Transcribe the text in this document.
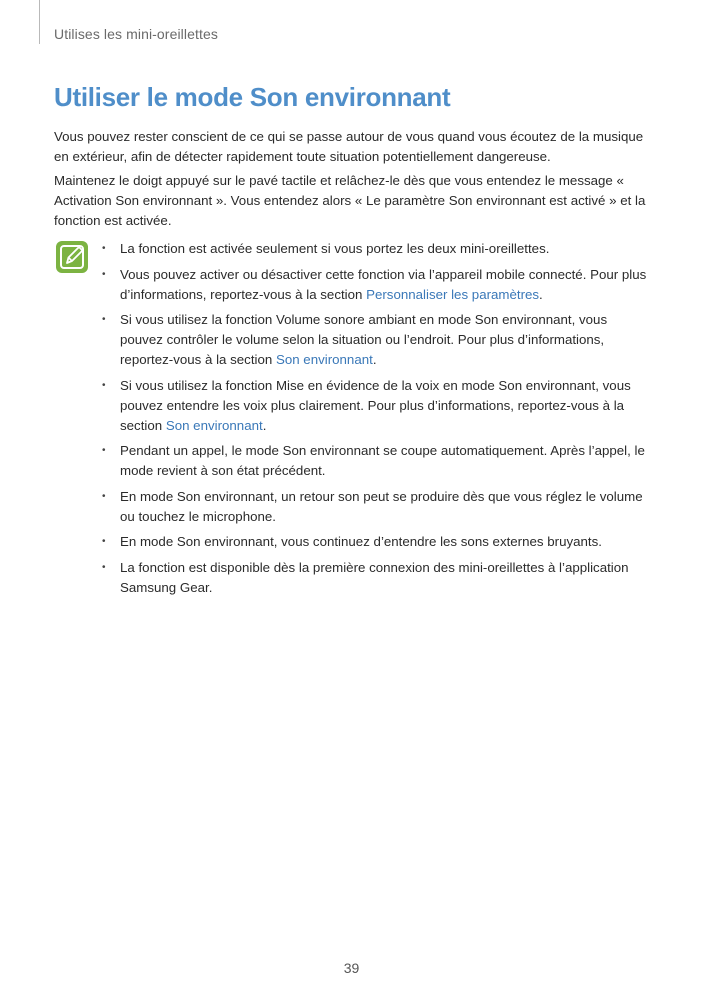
Utilises les mini-oreillettes
Utiliser le mode Son environnant

Vous pouvez rester conscient de ce qui se passe autour de vous quand vous écoutez de la musique en extérieur, afin de détecter rapidement toute situation potentiellement dangereuse.

Maintenez le doigt appuyé sur le pavé tactile et relâchez-le dès que vous entendez le message « Activation Son environnant ». Vous entendez alors « Le paramètre Son environnant est activé » et la fonction est activée.

• La fonction est activée seulement si vous portez les deux mini-oreillettes.
• Vous pouvez activer ou désactiver cette fonction via l’appareil mobile connecté. Pour plus d’informations, reportez-vous à la section Personnaliser les paramètres.
• Si vous utilisez la fonction Volume sonore ambiant en mode Son environnant, vous pouvez contrôler le volume selon la situation ou l’endroit. Pour plus d’informations, reportez-vous à la section Son environnant.
• Si vous utilisez la fonction Mise en évidence de la voix en mode Son environnant, vous pouvez entendre les voix plus clairement. Pour plus d’informations, reportez-vous à la section Son environnant.
• Pendant un appel, le mode Son environnant se coupe automatiquement. Après l’appel, le mode revient à son état précédent.
• En mode Son environnant, un retour son peut se produire dès que vous réglez le volume ou touchez le microphone.
• En mode Son environnant, vous continuez d’entendre les sons externes bruyants.
• La fonction est disponible dès la première connexion des mini-oreillettes à l’application Samsung Gear.
39
